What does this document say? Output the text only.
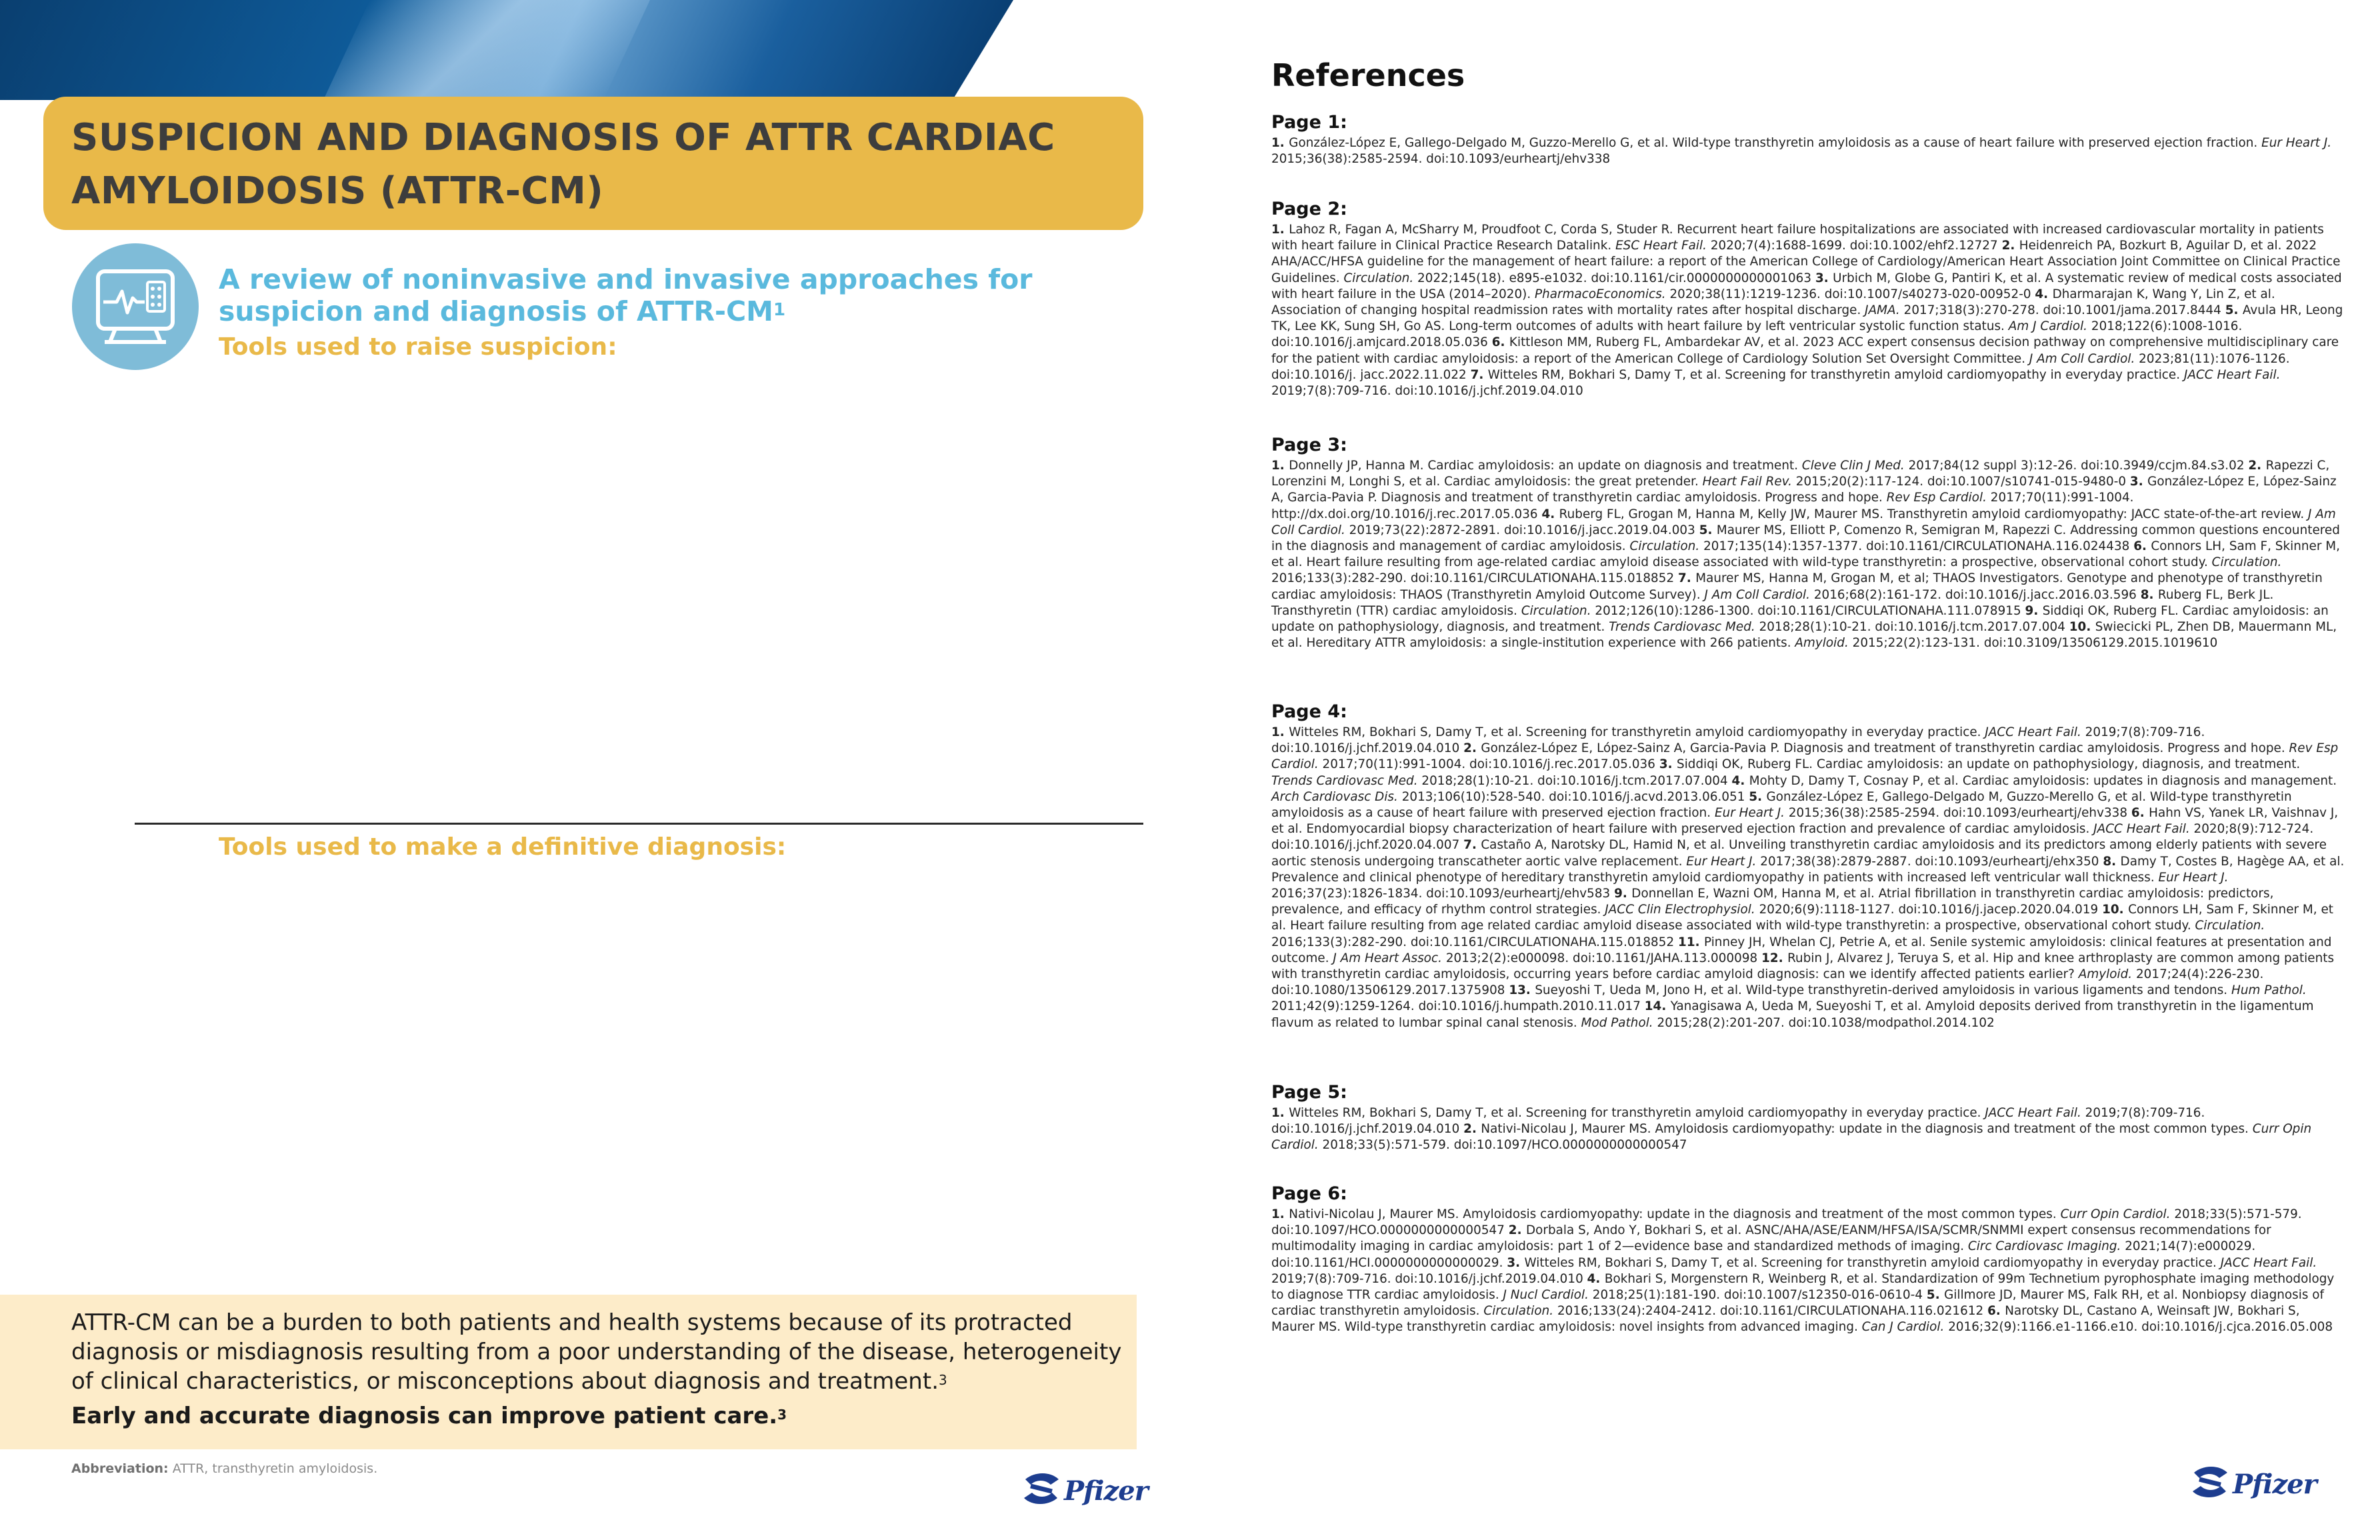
SUSPICION AND DIAGNOSIS OF ATTR CARDIAC AMYLOIDOSIS (ATTR-CM)
A review of noninvasive and invasive approaches for suspicion and diagnosis of ATTR-$CM^1$
Tools used to raise suspicion:
Tools used to make a definitive diagnosis:
ATTR-CM can be a burden to both patients and health systems because of its protracted diagnosis or misdiagnosis resulting from a poor understanding of the disease, heterogeneity of clinical characteristics, or misconceptions about diagnosis and treatment.$^3$
Early and accurate diagnosis can improve patient care.$^3$
Abbreviation: ATTR, transthyretin amyloidosis.
Pfizer
References
Page 1:

1. González-López E, Gallego-Delgado M, Guzzo-Merello G, et al. Wild-type transthyretin amyloidosis as a cause of heart failure with preserved ejection fraction. Eur Heart J. 2015;36(38):2585-2594. doi:10.1093/eurheartj/ehv338

Page 2:

1. Lahoz R, Fagan A, McSharry M, Proudfoot C, Corda S, Studer R. Recurrent heart failure hospitalizations are associated with increased cardiovascular mortality in patients with heart failure in Clinical Practice Research Datalink. ESC Heart Fail. 2020;7(4):1688-1699. doi:10.1002/ehf2.12727 2. Heidenreich PA, Bozkurt B, Aguilar D, et al. 2022 AHA/ACC/HFSA guideline for the management of heart failure: a report of the American College of Cardiology/American Heart Association Joint Committee on Clinical Practice Guidelines. Circulation. 2022;145(18). e895-e1032. doi:10.1161/cir.0000000000001063 3. Urbich M, Globe G, Pantiri K, et al. A systematic review of medical costs associated with heart failure in the USA (2014–2020). PharmacoEconomics. 2020;38(11):1219-1236. doi:10.1007/s40273-020-00952-0 4. Dharmarajan K, Wang Y, Lin Z, et al. Association of changing hospital readmission rates with mortality rates after hospital discharge. JAMA. 2017;318(3):270-278. doi:10.1001/jama.2017.8444 5. Avula HR, Leong TK, Lee KK, Sung SH, Go AS. Long-term outcomes of adults with heart failure by left ventricular systolic function status. Am J Cardiol. 2018;122(6):1008-1016. doi:10.1016/j.amjcard.2018.05.036 6. Kittleson MM, Ruberg FL, Ambardekar AV, et al. 2023 ACC expert consensus decision pathway on comprehensive multidisciplinary care for the patient with cardiac amyloidosis: a report of the American College of Cardiology Solution Set Oversight Committee. J Am Coll Cardiol. 2023;81(11):1076-1126. doi:10.1016/j. jacc.2022.11.022 7. Witteles RM, Bokhari S, Damy T, et al. Screening for transthyretin amyloid cardiomyopathy in everyday practice. JACC Heart Fail. 2019;7(8):709-716. doi:10.1016/j.jchf.2019.04.010

Page 3:

1. Donnelly JP, Hanna M. Cardiac amyloidosis: an update on diagnosis and treatment. Cleve Clin J Med. 2017;84(12 suppl 3):12-26. doi:10.3949/ccjm.84.s3.02 2. Rapezzi C, Lorenzini M, Longhi S, et al. Cardiac amyloidosis: the great pretender. Heart Fail Rev. 2015;20(2):117-124. doi:10.1007/s10741-015-9480-0 3. González-López E, López-Sainz A, Garcia-Pavia P. Diagnosis and treatment of transthyretin cardiac amyloidosis. Progress and hope. Rev Esp Cardiol. 2017;70(11):991-1004. http://dx.doi.org/10.1016/j.rec.2017.05.036 4. Ruberg FL, Grogan M, Hanna M, Kelly JW, Maurer MS. Transthyretin amyloid cardiomyopathy: JACC state-of-the-art review. J Am Coll Cardiol. 2019;73(22):2872-2891. doi:10.1016/j.jacc.2019.04.003 5. Maurer MS, Elliott P, Comenzo R, Semigran M, Rapezzi C. Addressing common questions encountered in the diagnosis and management of cardiac amyloidosis. Circulation. 2017;135(14):1357-1377. doi:10.1161/CIRCULATIONAHA.116.024438 6. Connors LH, Sam F, Skinner M, et al. Heart failure resulting from age-related cardiac amyloid disease associated with wild-type transthyretin: a prospective, observational cohort study. Circulation. 2016;133(3):282-290. doi:10.1161/CIRCULATIONAHA.115.018852 7. Maurer MS, Hanna M, Grogan M, et al; THAOS Investigators. Genotype and phenotype of transthyretin cardiac amyloidosis: THAOS (Transthyretin Amyloid Outcome Survey). J Am Coll Cardiol. 2016;68(2):161-172. doi:10.1016/j.jacc.2016.03.596 8. Ruberg FL, Berk JL. Transthyretin (TTR) cardiac amyloidosis. Circulation. 2012;126(10):1286-1300. doi:10.1161/CIRCULATIONAHA.111.078915 9. Siddiqi OK, Ruberg FL. Cardiac amyloidosis: an update on pathophysiology, diagnosis, and treatment. Trends Cardiovasc Med. 2018;28(1):10-21. doi:10.1016/j.tcm.2017.07.004 10. Swiecicki PL, Zhen DB, Mauermann ML, et al. Hereditary ATTR amyloidosis: a single-institution experience with 266 patients. Amyloid. 2015;22(2):123-131. doi:10.3109/13506129.2015.1019610

Page 4:

1. Witteles RM, Bokhari S, Damy T, et al. Screening for transthyretin amyloid cardiomyopathy in everyday practice. JACC Heart Fail. 2019;7(8):709-716. doi:10.1016/j.jchf.2019.04.010 2. González-López E, López-Sainz A, Garcia-Pavia P. Diagnosis and treatment of transthyretin cardiac amyloidosis. Progress and hope. Rev Esp Cardiol. 2017;70(11):991-1004. doi:10.1016/j.rec.2017.05.036 3. Siddiqi OK, Ruberg FL. Cardiac amyloidosis: an update on pathophysiology, diagnosis, and treatment. Trends Cardiovasc Med. 2018;28(1):10-21. doi:10.1016/j.tcm.2017.07.004 4. Mohty D, Damy T, Cosnay P, et al. Cardiac amyloidosis: updates in diagnosis and management. Arch Cardiovasc Dis. 2013;106(10):528-540. doi:10.1016/j.acvd.2013.06.051 5. González-López E, Gallego-Delgado M, Guzzo-Merello G, et al. Wild-type transthyretin amyloidosis as a cause of heart failure with preserved ejection fraction. Eur Heart J. 2015;36(38):2585-2594. doi:10.1093/eurheartj/ehv338 6. Hahn VS, Yanek LR, Vaishnav J, et al. Endomyocardial biopsy characterization of heart failure with preserved ejection fraction and prevalence of cardiac amyloidosis. JACC Heart Fail. 2020;8(9):712-724. doi:10.1016/j.jchf.2020.04.007 7. Castaño A, Narotsky DL, Hamid N, et al. Unveiling transthyretin cardiac amyloidosis and its predictors among elderly patients with severe aortic stenosis undergoing transcatheter aortic valve replacement. Eur Heart J. 2017;38(38):2879-2887. doi:10.1093/eurheartj/ehx350 8. Damy T, Costes B, Hagège AA, et al. Prevalence and clinical phenotype of hereditary transthyretin amyloid cardiomyopathy in patients with increased left ventricular wall thickness. Eur Heart J. 2016;37(23):1826-1834. doi:10.1093/eurheartj/ehv583 9. Donnellan E, Wazni OM, Hanna M, et al. Atrial fibrillation in transthyretin cardiac amyloidosis: predictors, prevalence, and efficacy of rhythm control strategies. JACC Clin Electrophysiol. 2020;6(9):1118-1127. doi:10.1016/j.jacep.2020.04.019 10. Connors LH, Sam F, Skinner M, et al. Heart failure resulting from age related cardiac amyloid disease associated with wild-type transthyretin: a prospective, observational cohort study. Circulation. 2016;133(3):282-290. doi:10.1161/CIRCULATIONAHA.115.018852 11. Pinney JH, Whelan CJ, Petrie A, et al. Senile systemic amyloidosis: clinical features at presentation and outcome. J Am Heart Assoc. 2013;2(2):e000098. doi:10.1161/JAHA.113.000098 12. Rubin J, Alvarez J, Teruya S, et al. Hip and knee arthroplasty are common among patients with transthyretin cardiac amyloidosis, occurring years before cardiac amyloid diagnosis: can we identify affected patients earlier? Amyloid. 2017;24(4):226-230. doi:10.1080/13506129.2017.1375908 13. Sueyoshi T, Ueda M, Jono H, et al. Wild-type transthyretin-derived amyloidosis in various ligaments and tendons. Hum Pathol. 2011;42(9):1259-1264. doi:10.1016/j.humpath.2010.11.017 14. Yanagisawa A, Ueda M, Sueyoshi T, et al. Amyloid deposits derived from transthyretin in the ligamentum flavum as related to lumbar spinal canal stenosis. Mod Pathol. 2015;28(2):201-207. doi:10.1038/modpathol.2014.102

Page 5:

1. Witteles RM, Bokhari S, Damy T, et al. Screening for transthyretin amyloid cardiomyopathy in everyday practice. JACC Heart Fail. 2019;7(8):709-716. doi:10.1016/j.jchf.2019.04.010 2. Nativi-Nicolau J, Maurer MS. Amyloidosis cardiomyopathy: update in the diagnosis and treatment of the most common types. Curr Opin Cardiol. 2018;33(5):571-579. doi:10.1097/HCO.0000000000000547

Page 6:

1. Nativi-Nicolau J, Maurer MS. Amyloidosis cardiomyopathy: update in the diagnosis and treatment of the most common types. Curr Opin Cardiol. 2018;33(5):571-579. doi:10.1097/HCO.0000000000000547 2. Dorbala S, Ando Y, Bokhari S, et al. ASNC/AHA/ASE/EANM/HFSA/ISA/SCMR/SNMMI expert consensus recommendations for multimodality imaging in cardiac amyloidosis: part 1 of 2—evidence base and standardized methods of imaging. Circ Cardiovasc Imaging. 2021;14(7):e000029. doi:10.1161/HCI.0000000000000029. 3. Witteles RM, Bokhari S, Damy T, et al. Screening for transthyretin amyloid cardiomyopathy in everyday practice. JACC Heart Fail. 2019;7(8):709-716. doi:10.1016/j.jchf.2019.04.010 4. Bokhari S, Morgenstern R, Weinberg R, et al. Standardization of 99m Technetium pyrophosphate imaging methodology to diagnose TTR cardiac amyloidosis. J Nucl Cardiol. 2018;25(1):181-190. doi:10.1007/s12350-016-0610-4 5. Gillmore JD, Maurer MS, Falk RH, et al. Nonbiopsy diagnosis of cardiac transthyretin amyloidosis. Circulation. 2016;133(24):2404-2412. doi:10.1161/CIRCULATIONAHA.116.021612 6. Narotsky DL, Castano A, Weinsaft JW, Bokhari S, Maurer MS. Wild-type transthyretin cardiac amyloidosis: novel insights from advanced imaging. Can J Cardiol. 2016;32(9):1166.e1-1166.e10. doi:10.1016/j.cjca.2016.05.008

Pfizer
